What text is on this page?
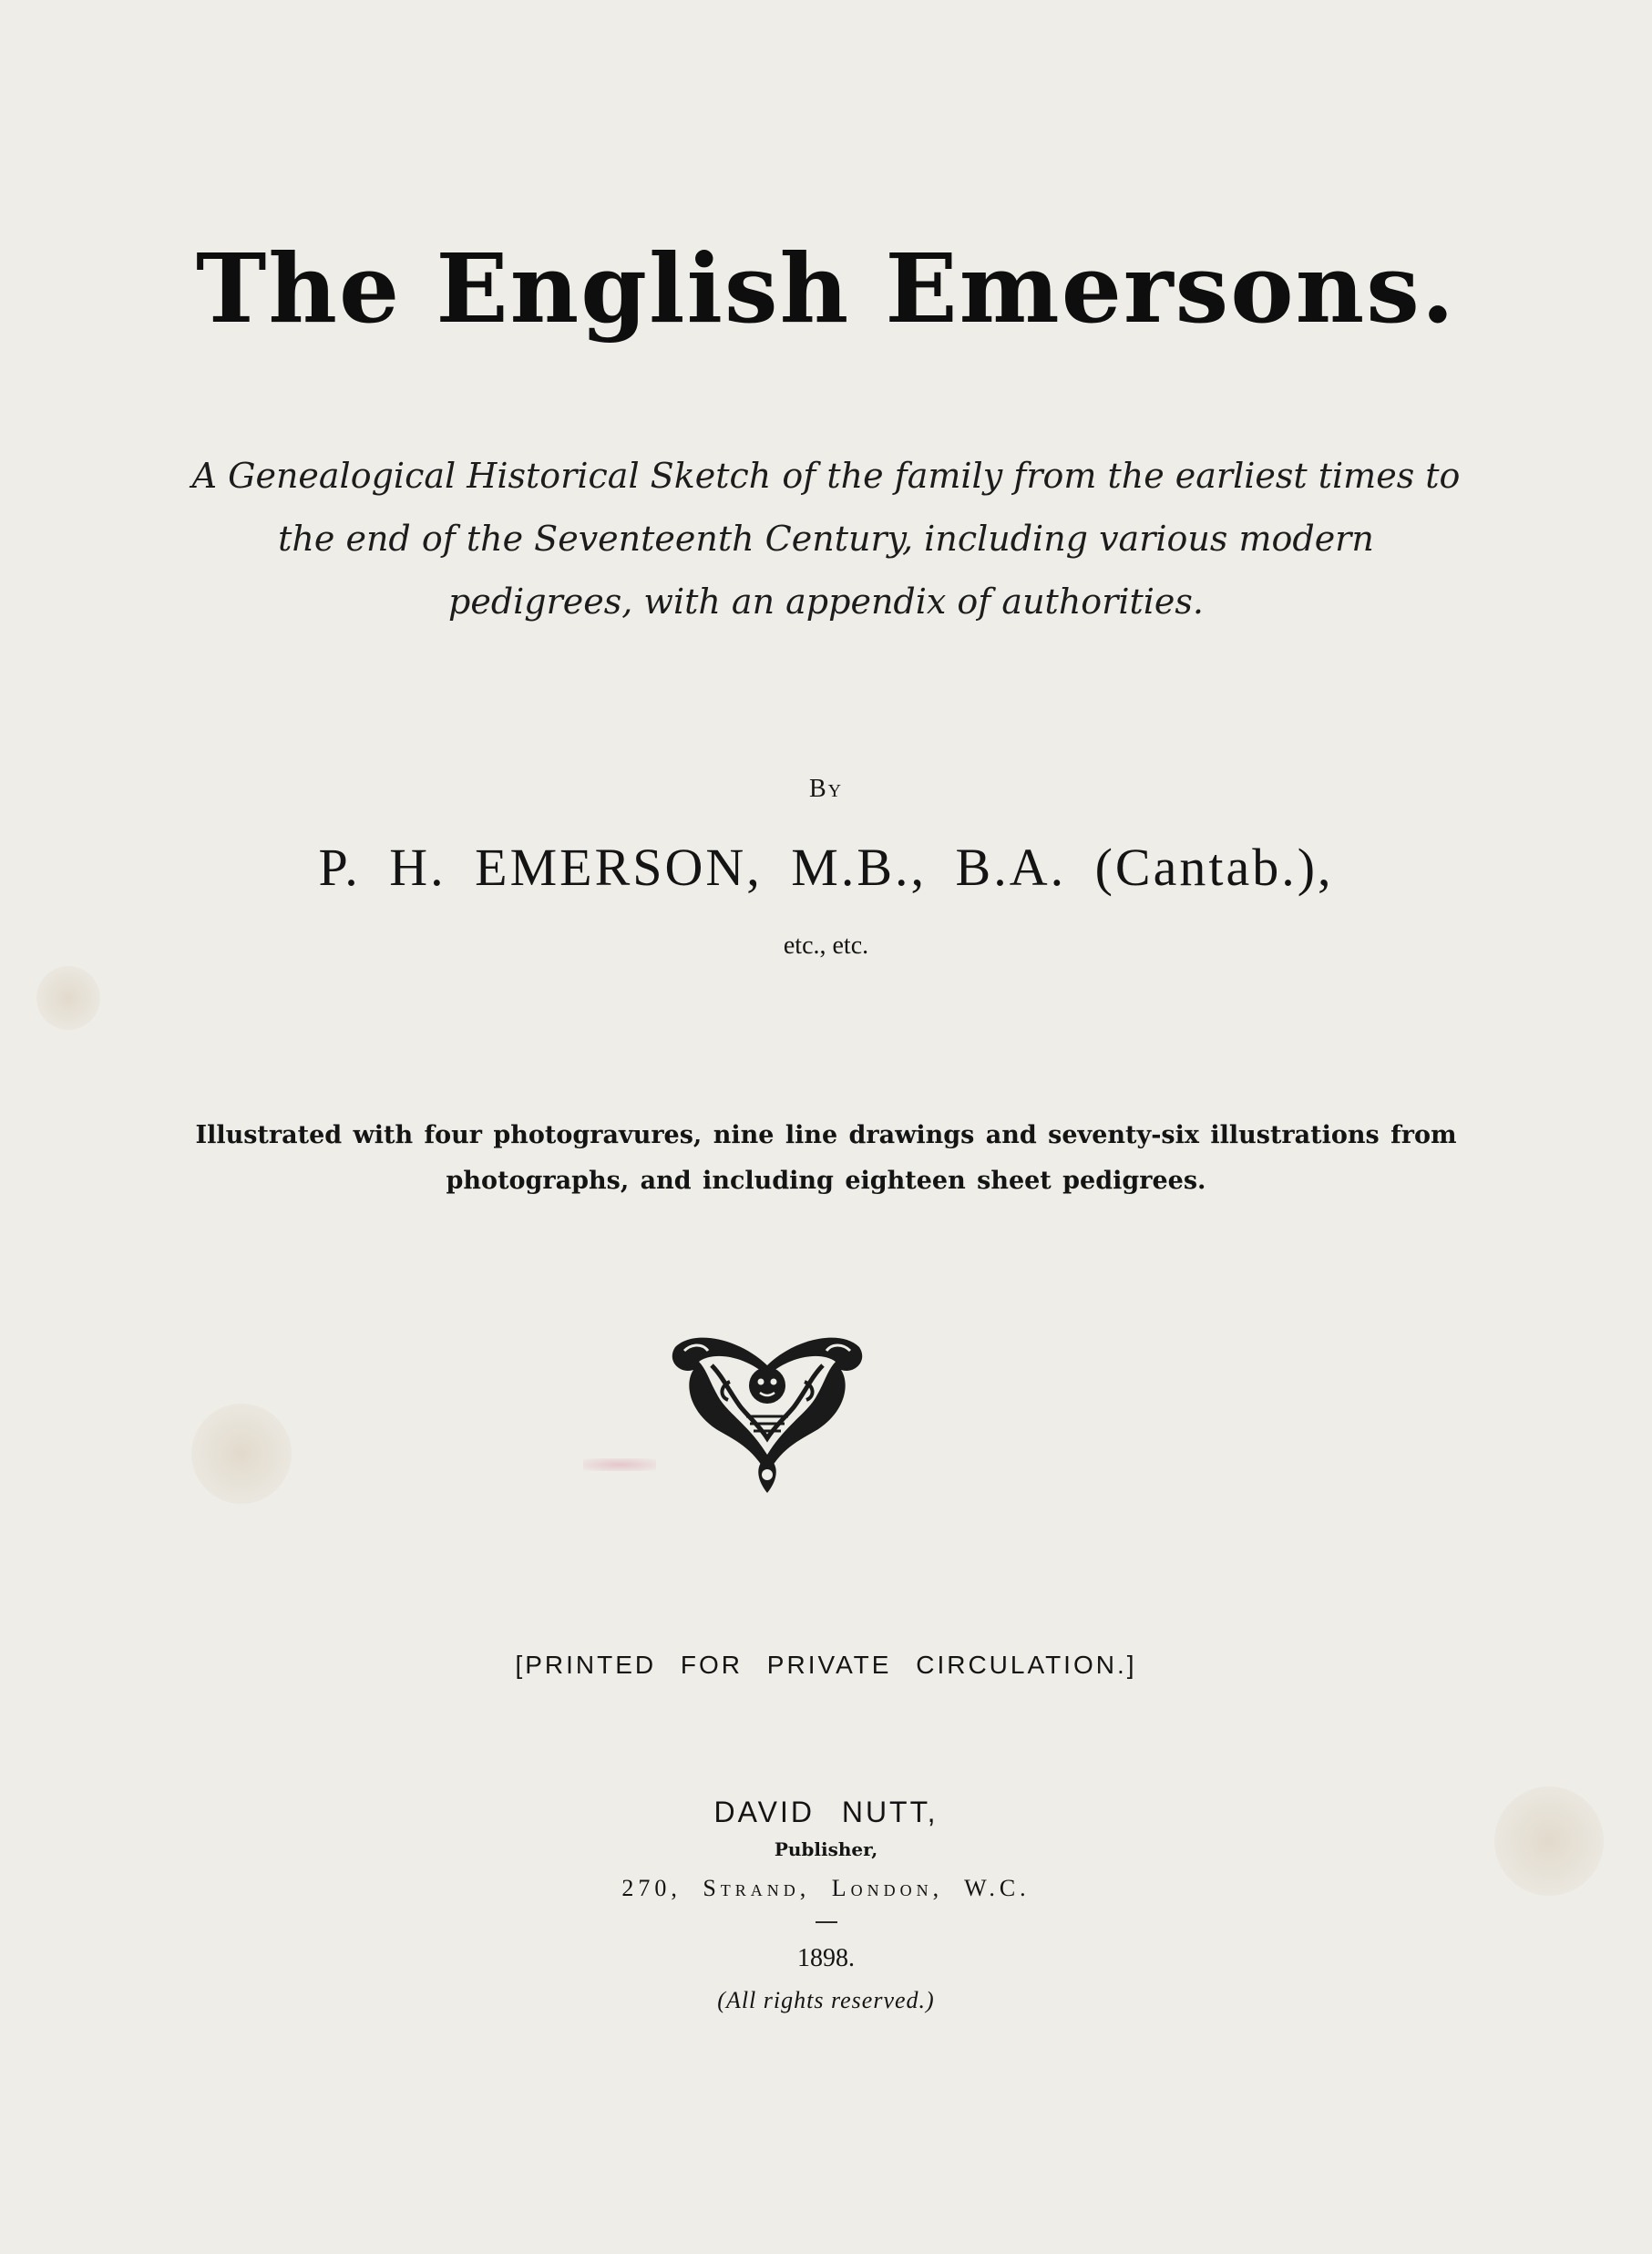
The English Emersons.
A Genealogical Historical Sketch of the family from the earliest times to
the end of the Seventeenth Century, including various modern
pedigrees, with an appendix of authorities.
By
P. H. EMERSON, M.B., B.A. (Cantab.),
etc., etc.
Illustrated with four photogravures, nine line drawings and seventy-six illustrations from
photographs, and including eighteen sheet pedigrees.
[PRINTED FOR PRIVATE CIRCULATION.]
DAVID NUTT,
Publisher,
270, Strand, London, W.C.
1898.
(All rights reserved.)
